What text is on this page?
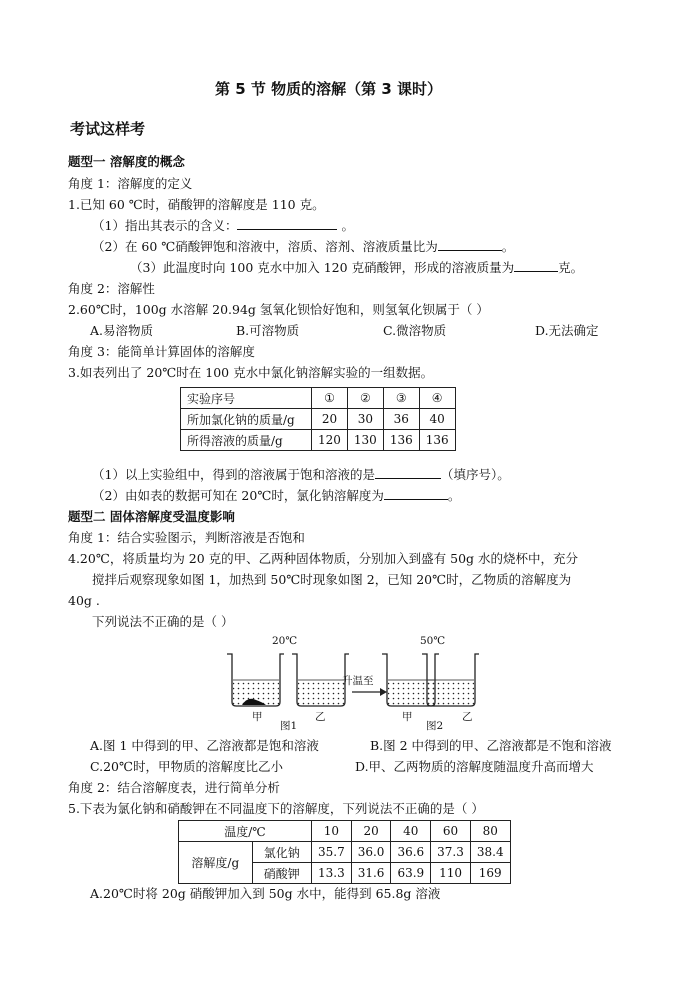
第 5 节 物质的溶解（第 3 课时）
考试这样考
题型一 溶解度的概念
角度 1：溶解度的定义
1.已知 60 ℃时，硝酸钾的溶解度是 110 克。
（1）指出其表示的含义：	。
（2）在 60 ℃硝酸钾饱和溶液中，溶质、溶剂、溶液质量比为	。
（3）此温度时向 100 克水中加入 120 克硝酸钾，形成的溶液质量为	克。
角度 2：溶解性
2.60℃时，100g 水溶解 20.94g 氢氧化钡恰好饱和，则氢氧化钡属于（ ）
A.易溶物质	B.可溶物质	C.微溶物质	D.无法确定
角度 3：能简单计算固体的溶解度
3.如表列出了 20℃时在 100 克水中氯化钠溶解实验的一组数据。
实验序号	①	②	③	④
所加氯化钠的质量/g	20	30	36	40
所得溶液的质量/g	120	130	136	136
（1）以上实验组中，得到的溶液属于饱和溶液的是	（填序号）。
（2）由如表的数据可知在 20℃时，氯化钠溶解度为	。
题型二 固体溶解度受温度影响
角度 1：结合实验图示，判断溶液是否饱和
4.20℃，将质量均为 20 克的甲、乙两种固体物质，分别加入到盛有 50g 水的烧杯中，充分
搅拌后观察现象如图 1，加热到 50℃时现象如图 2，已知 20℃时，乙物质的溶解度为
40g .
下列说法不正确的是（ ）
20℃	50℃
升温至
甲	乙	甲	乙
图1	图2
A.图 1 中得到的甲、乙溶液都是饱和溶液	B.图 2 中得到的甲、乙溶液都是不饱和溶液
C.20℃时，甲物质的溶解度比乙小	D.甲、乙两物质的溶解度随温度升高而增大
角度 2：结合溶解度表，进行简单分析
5.下表为氯化钠和硝酸钾在不同温度下的溶解度，下列说法不正确的是（ ）
温度/℃		10	20	40	60	80
溶解度/g	氯化钠	35.7	36.0	36.6	37.3	38.4
	硝酸钾	13.3	31.6	63.9	110	169
A.20℃时将 20g 硝酸钾加入到 50g 水中，能得到 65.8g 溶液
